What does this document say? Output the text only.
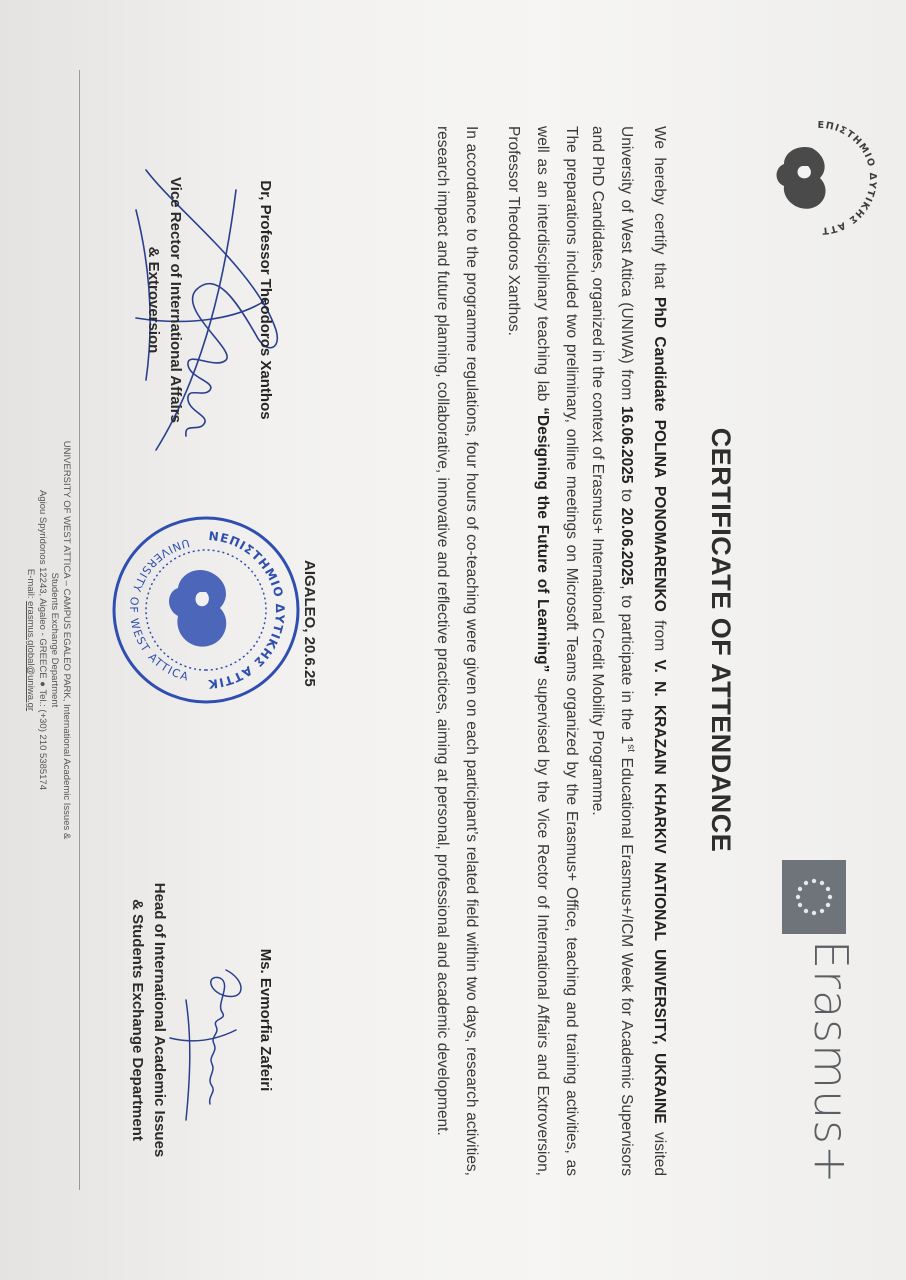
ΕΠΙΣΤΗΜΙΟ ΔΥΤΙΚΗΣ ΑΤΤ
Erasmus+
CERTIFICATE OF ATTENDANCE
We hereby certify that PhD Candidate POLINA PONOMARENKO from V. N. KRAZAIN KHARKIV NATIONAL UNIVERSITY, UKRAINE visited University of West Attica (UNIWA) from 16.06.2025 to 20.06.2025, to participate in the 1st Educational Erasmus+/ICM Week for Academic Supervisors and PhD Candidates, organized in the context of Erasmus+ International Credit Mobility Programme.
The preparations included two preliminary, online meetings on Microsoft Teams organized by the Erasmus+ Office, teaching and training activities, as well as an interdisciplinary teaching lab “Designing the Future of Learning” supervised by the Vice Rector of International Affairs and Extroversion, Professor Theodoros Xanthos.
In accordance to the programme regulations, four hours of co-teaching were given on each participant’s related field within two days, research activities, research impact and future planning, collaborative, innovative and reflective practices, aiming at personal, professional and academic development.
Dr, Professor Theodoros Xanthos
Vice Rector of International Affairs
& Extroversion
AIGALEO, 20.6.25
ΝΕΠΙΣΤΗΜΙΟ ΔΥΤΙΚΗΣ ΑΤΤΙΚ
UNIVERSITY OF WEST ATTICA
Ms. Evmorfia Zafeiri
Head of International Academic Issues
& Students Exchange Department
UNIVERSITY OF WEST ATTICA – CAMPUS EGALEO PARK, International Academic Issues &
Students Exchange Department
Agiou Spyridonos 12243, Aigaleo - GREECE ● Tel.: (+30) 210 5385174
E-mail: erasmus.global@uniwa.gr
